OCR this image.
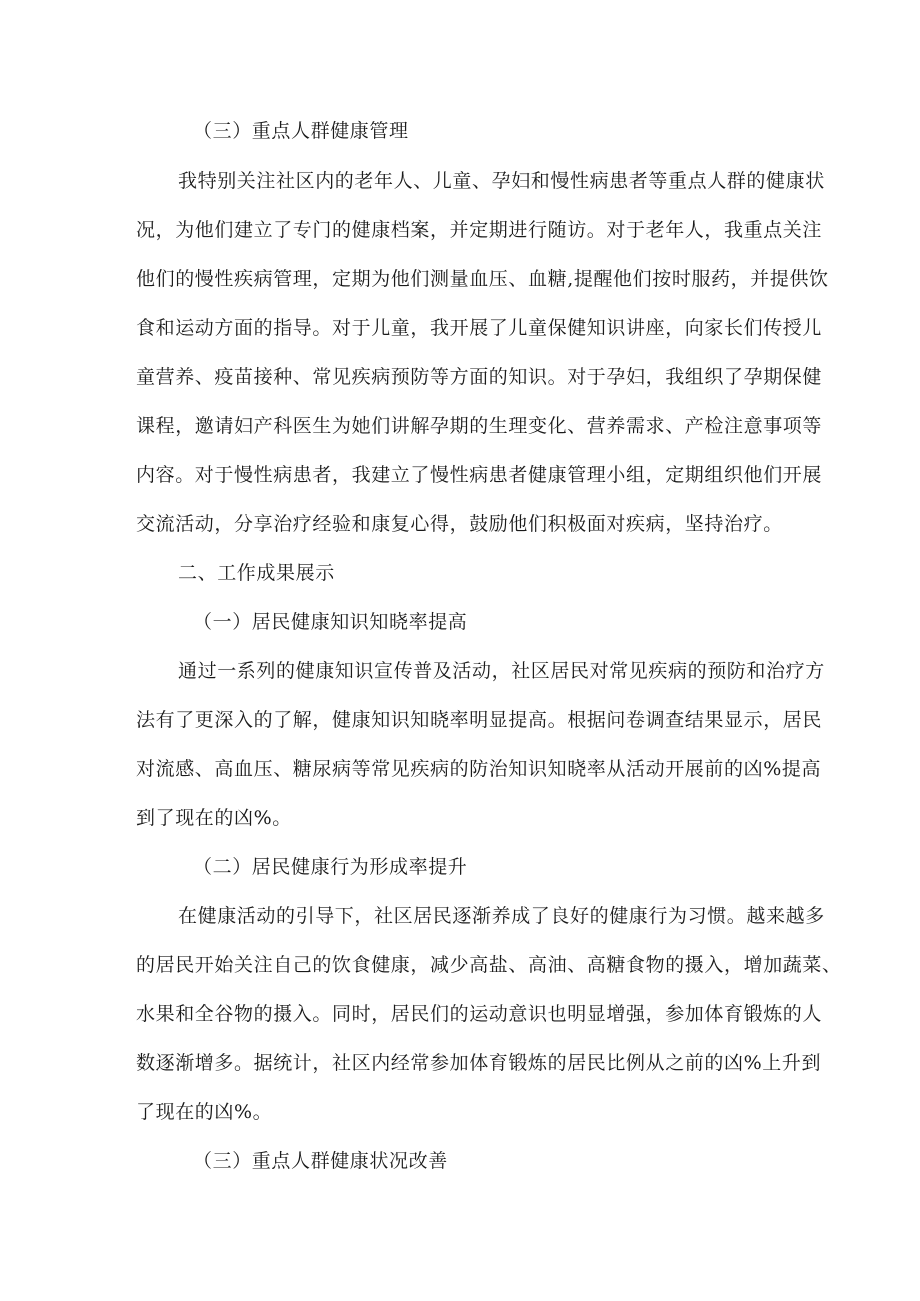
（三）重点人群健康管理
我特别关注社区内的老年人、儿童、孕妇和慢性病患者等重点人群的健康状
况，为他们建立了专门的健康档案，并定期进行随访。对于老年人，我重点关注
他们的慢性疾病管理，定期为他们测量血压、血糖,提醒他们按时服药，并提供饮
食和运动方面的指导。对于儿童，我开展了儿童保健知识讲座，向家长们传授儿
童营养、疫苗接种、常见疾病预防等方面的知识。对于孕妇，我组织了孕期保健
课程，邀请妇产科医生为她们讲解孕期的生理变化、营养需求、产检注意事项等
内容。对于慢性病患者，我建立了慢性病患者健康管理小组，定期组织他们开展
交流活动，分享治疗经验和康复心得，鼓励他们积极面对疾病，坚持治疗。
二、工作成果展示
（一）居民健康知识知晓率提高
通过一系列的健康知识宣传普及活动，社区居民对常见疾病的预防和治疗方
法有了更深入的了解，健康知识知晓率明显提高。根据问卷调查结果显示，居民
对流感、高血压、糖尿病等常见疾病的防治知识知晓率从活动开展前的凶%提高
到了现在的凶%。
（二）居民健康行为形成率提升
在健康活动的引导下，社区居民逐渐养成了良好的健康行为习惯。越来越多
的居民开始关注自己的饮食健康，减少高盐、高油、高糖食物的摄入，增加蔬菜、
水果和全谷物的摄入。同时，居民们的运动意识也明显增强，参加体育锻炼的人
数逐渐增多。据统计，社区内经常参加体育锻炼的居民比例从之前的凶%上升到
了现在的凶%。
（三）重点人群健康状况改善
